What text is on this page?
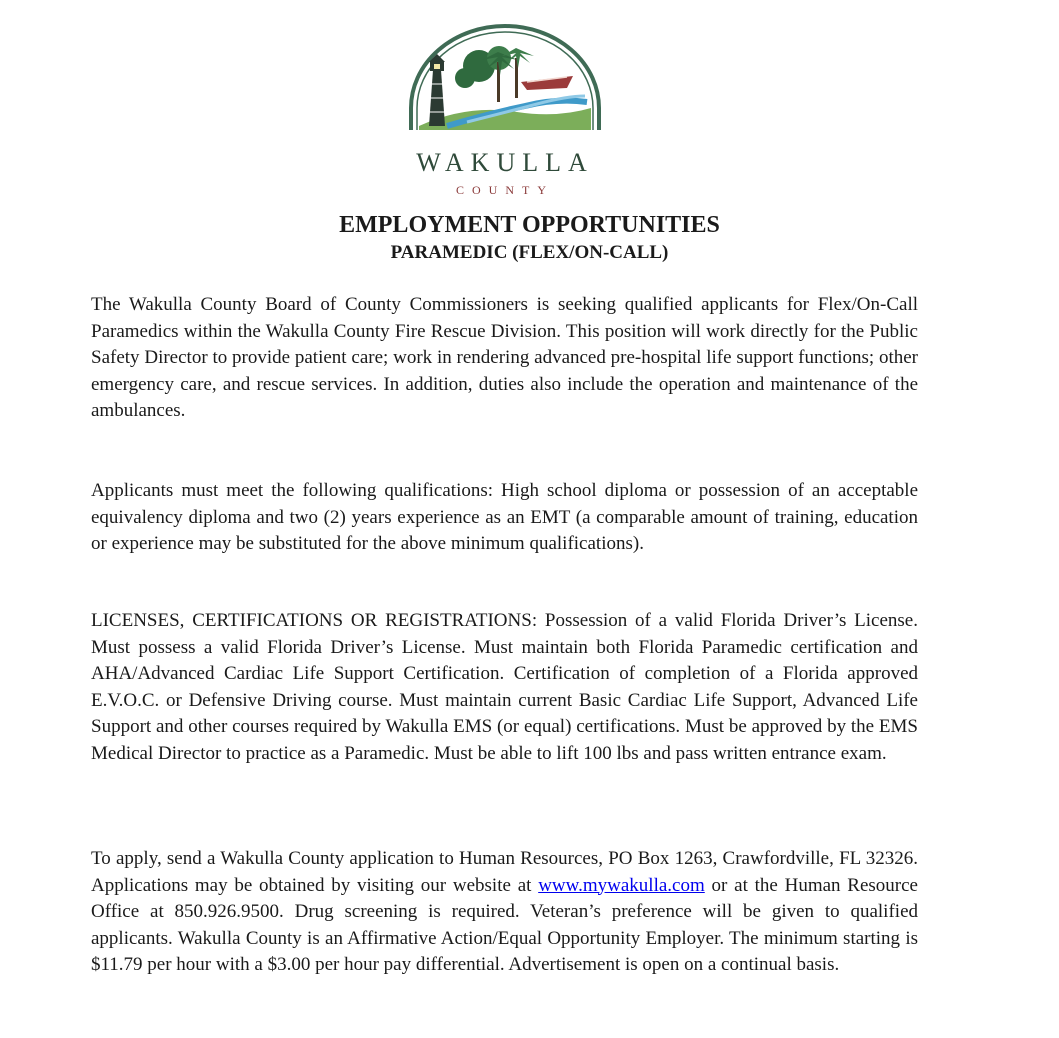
WAKULLA
COUNTY
EMPLOYMENT OPPORTUNITIES
PARAMEDIC (FLEX/ON-CALL)

The Wakulla County Board of County Commissioners is seeking qualified applicants for Flex/On-Call Paramedics within the Wakulla County Fire Rescue Division. This position will work directly for the Public Safety Director to provide patient care; work in rendering advanced pre-hospital life support functions; other emergency care, and rescue services. In addition, duties also include the operation and maintenance of the ambulances.

Applicants must meet the following qualifications: High school diploma or possession of an acceptable equivalency diploma and two (2) years experience as an EMT (a comparable amount of training, education or experience may be substituted for the above minimum qualifications).

LICENSES, CERTIFICATIONS OR REGISTRATIONS: Possession of a valid Florida Driver’s License. Must possess a valid Florida Driver’s License. Must maintain both Florida Paramedic certification and AHA/Advanced Cardiac Life Support Certification. Certification of completion of a Florida approved E.V.O.C. or Defensive Driving course. Must maintain current Basic Cardiac Life Support, Advanced Life Support and other courses required by Wakulla EMS (or equal) certifications. Must be approved by the EMS Medical Director to practice as a Paramedic. Must be able to lift 100 lbs and pass written entrance exam.

To apply, send a Wakulla County application to Human Resources, PO Box 1263, Crawfordville, FL 32326. Applications may be obtained by visiting our website at www.mywakulla.com or at the Human Resource Office at 850.926.9500. Drug screening is required. Veteran’s preference will be given to qualified applicants. Wakulla County is an Affirmative Action/Equal Opportunity Employer. The minimum starting is $11.79 per hour with a $3.00 per hour pay differential. Advertisement is open on a continual basis.
